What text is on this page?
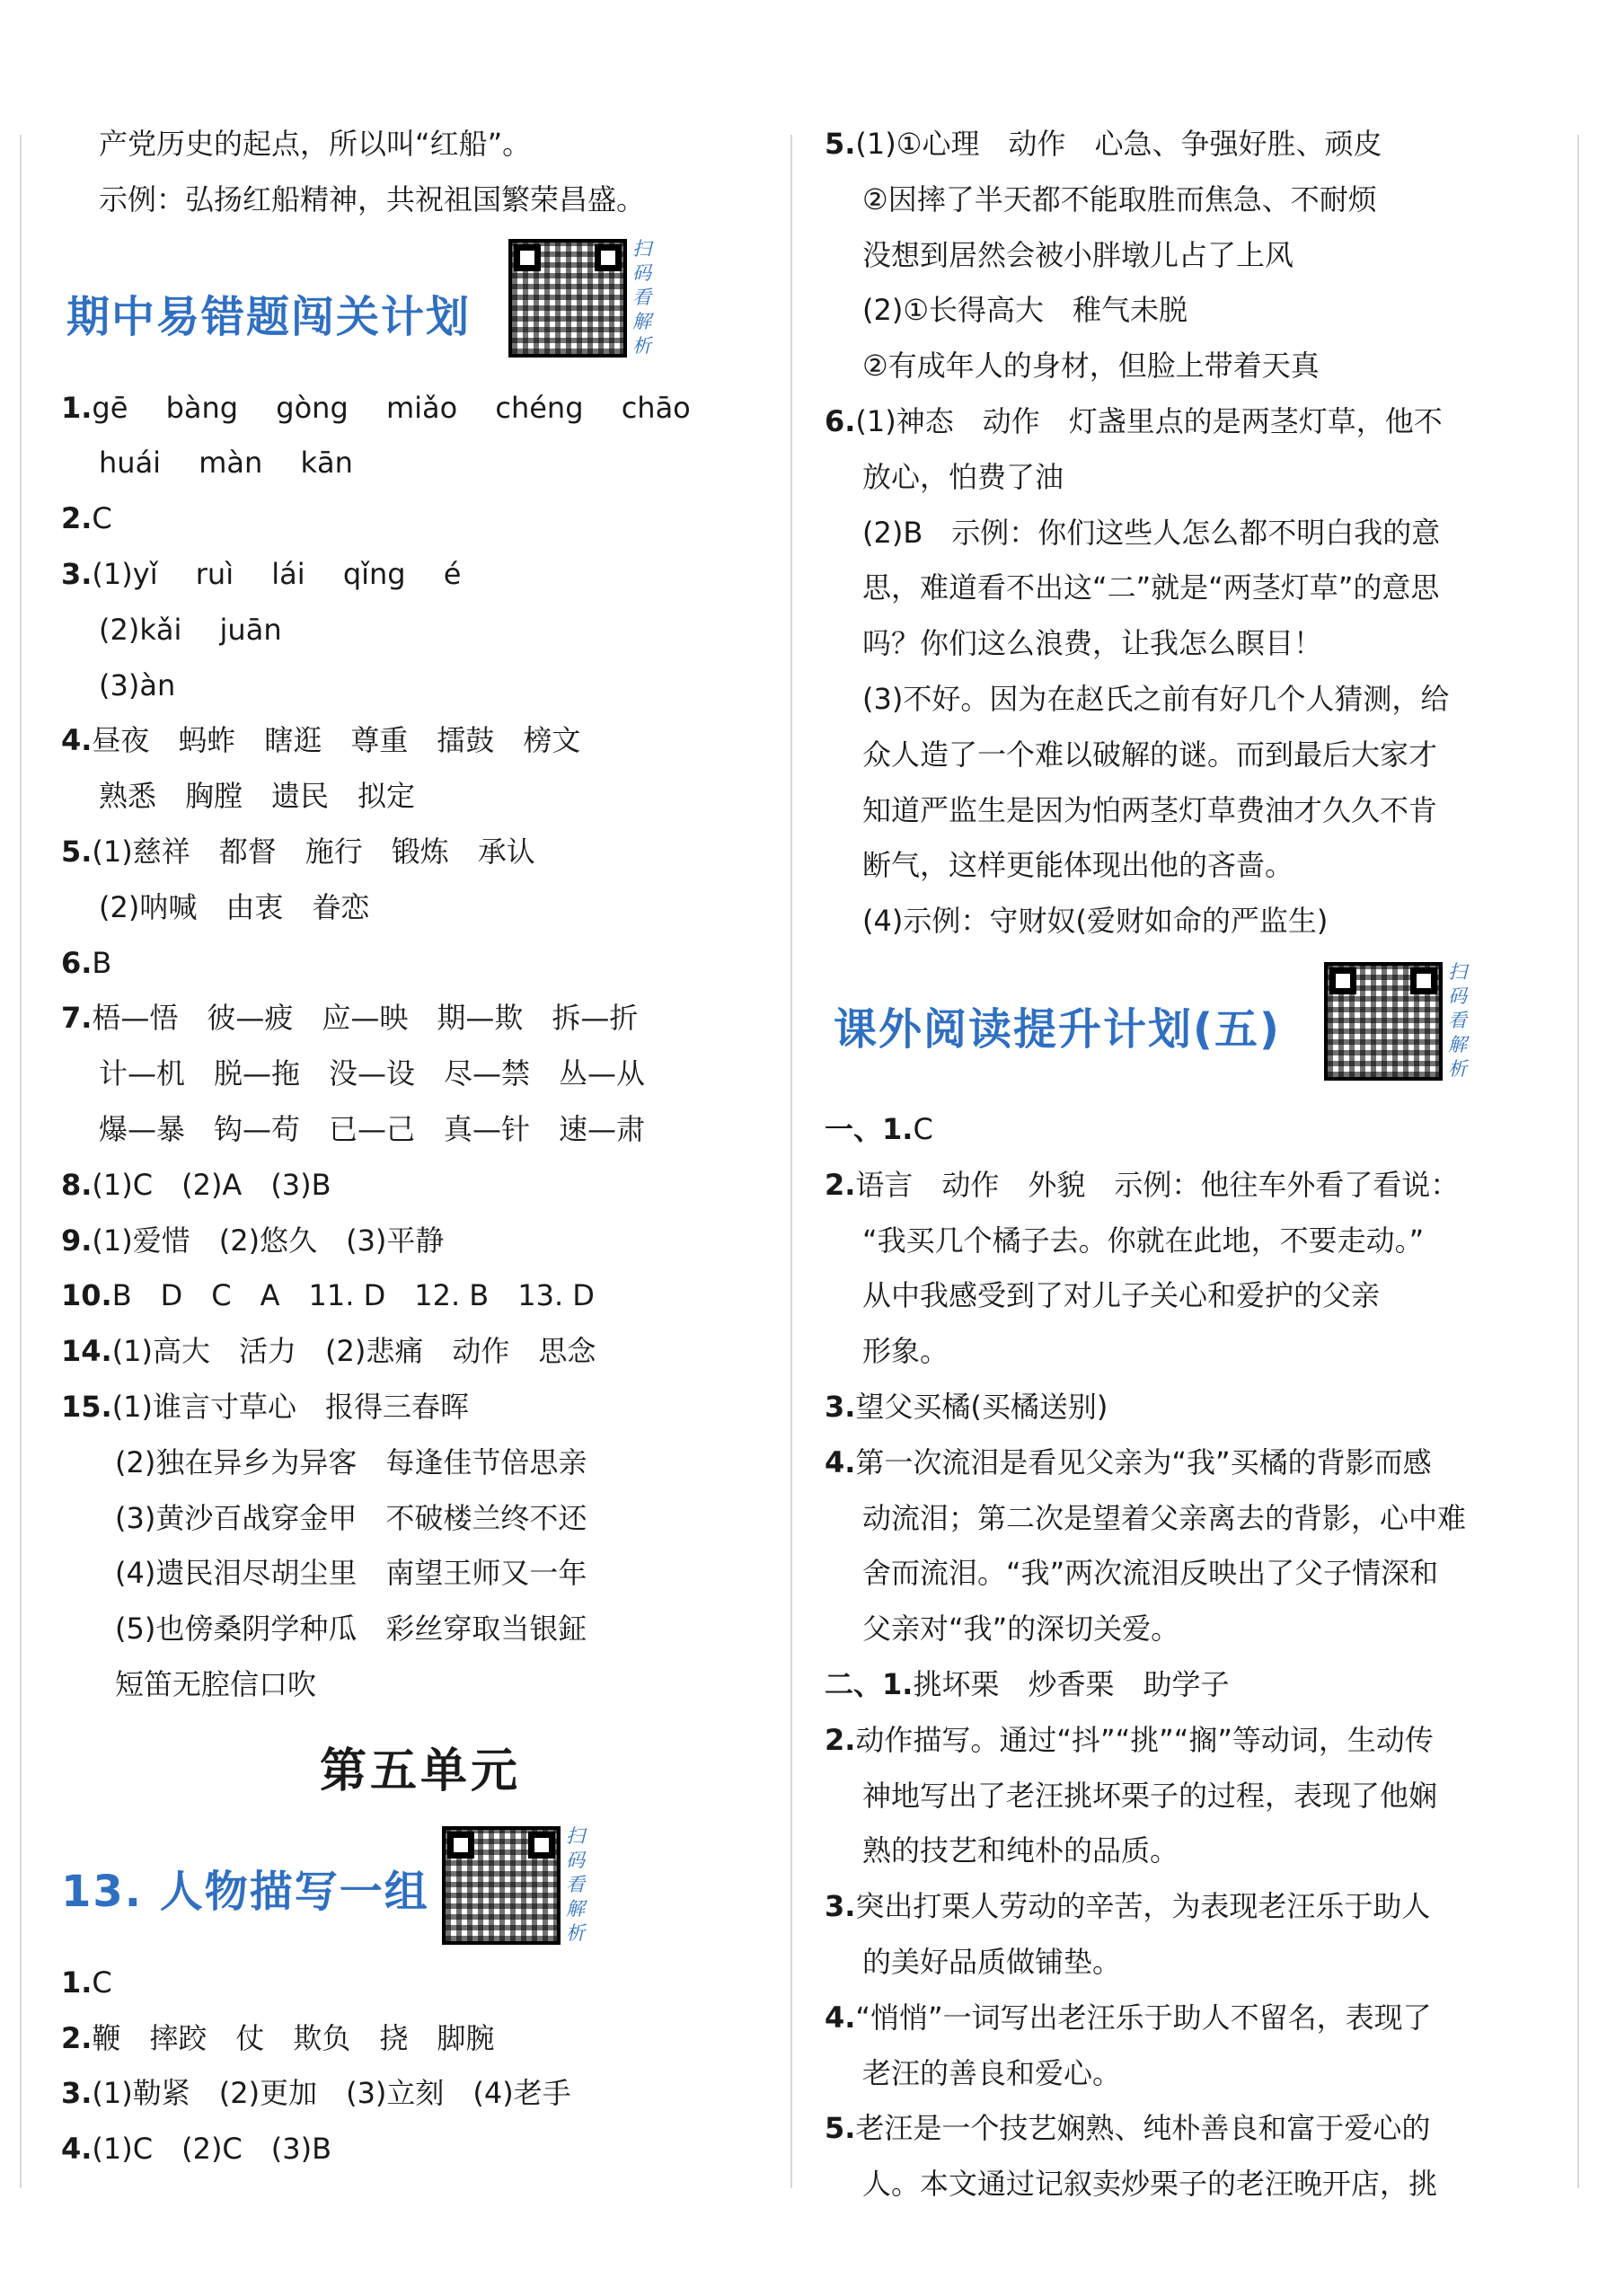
产党历史的起点，所以叫“红船”。
示例：弘扬红船精神，共祝祖国繁荣昌盛。
期中易错题闯关计划
扫码看解析
1.gē　 bàng　 gòng　 miǎo　 chéng　 chāo
huái　 màn　 kān
2.C
3.(1)yǐ　 ruì　 lái　 qǐng　 é
(2)kǎi　 juān
(3)àn
4.昼夜　蚂蚱　瞎逛　尊重　擂鼓　榜文
熟悉　胸膛　遗民　拟定
5.(1)慈祥　都督　施行　锻炼　承认
(2)呐喊　由衷　眷恋
6.B
7.梧—悟　彼—疲　应—映　期—欺　拆—折
计—机　脱—拖　没—设　尽—禁　丛—从
爆—暴　钩—苟　已—己　真—针　速—肃
8.(1)C　(2)A　(3)B
9.(1)爱惜　(2)悠久　(3)平静
10.B　D　C　A　11. D　12. B　13. D
14.(1)高大　活力　(2)悲痛　动作　思念
15.(1)谁言寸草心　报得三春晖
(2)独在异乡为异客　每逢佳节倍思亲
(3)黄沙百战穿金甲　不破楼兰终不还
(4)遗民泪尽胡尘里　南望王师又一年
(5)也傍桑阴学种瓜　彩丝穿取当银鉦
短笛无腔信口吹
第五单元
13. 人物描写一组
扫码看解析
1.C
2.鞭　摔跤　仗　欺负　挠　脚腕
3.(1)勒紧　(2)更加　(3)立刻　(4)老手
4.(1)C　(2)C　(3)B
5.(1)①心理　动作　心急、争强好胜、顽皮
②因摔了半天都不能取胜而焦急、不耐烦
没想到居然会被小胖墩儿占了上风
(2)①长得高大　稚气未脱
②有成年人的身材，但脸上带着天真
6.(1)神态　动作　灯盏里点的是两茎灯草，他不
放心，怕费了油
(2)B　示例：你们这些人怎么都不明白我的意
思，难道看不出这“二”就是“两茎灯草”的意思
吗？你们这么浪费，让我怎么瞑目！
(3)不好。因为在赵氏之前有好几个人猜测，给
众人造了一个难以破解的谜。而到最后大家才
知道严监生是因为怕两茎灯草费油才久久不肯
断气，这样更能体现出他的吝啬。
(4)示例：守财奴(爱财如命的严监生)
课外阅读提升计划(五)
扫码看解析
一、1.C
2.语言　动作　外貌　示例：他往车外看了看说：
“我买几个橘子去。你就在此地，不要走动。”
从中我感受到了对儿子关心和爱护的父亲
形象。
3.望父买橘(买橘送别)
4.第一次流泪是看见父亲为“我”买橘的背影而感
动流泪；第二次是望着父亲离去的背影，心中难
舍而流泪。“我”两次流泪反映出了父子情深和
父亲对“我”的深切关爱。
二、1.挑坏栗　炒香栗　助学子
2.动作描写。通过“抖”“挑”“搁”等动词，生动传
神地写出了老汪挑坏栗子的过程，表现了他娴
熟的技艺和纯朴的品质。
3.突出打栗人劳动的辛苦，为表现老汪乐于助人
的美好品质做铺垫。
4.“悄悄”一词写出老汪乐于助人不留名，表现了
老汪的善良和爱心。
5.老汪是一个技艺娴熟、纯朴善良和富于爱心的
人。本文通过记叙卖炒栗子的老汪晚开店，挑
